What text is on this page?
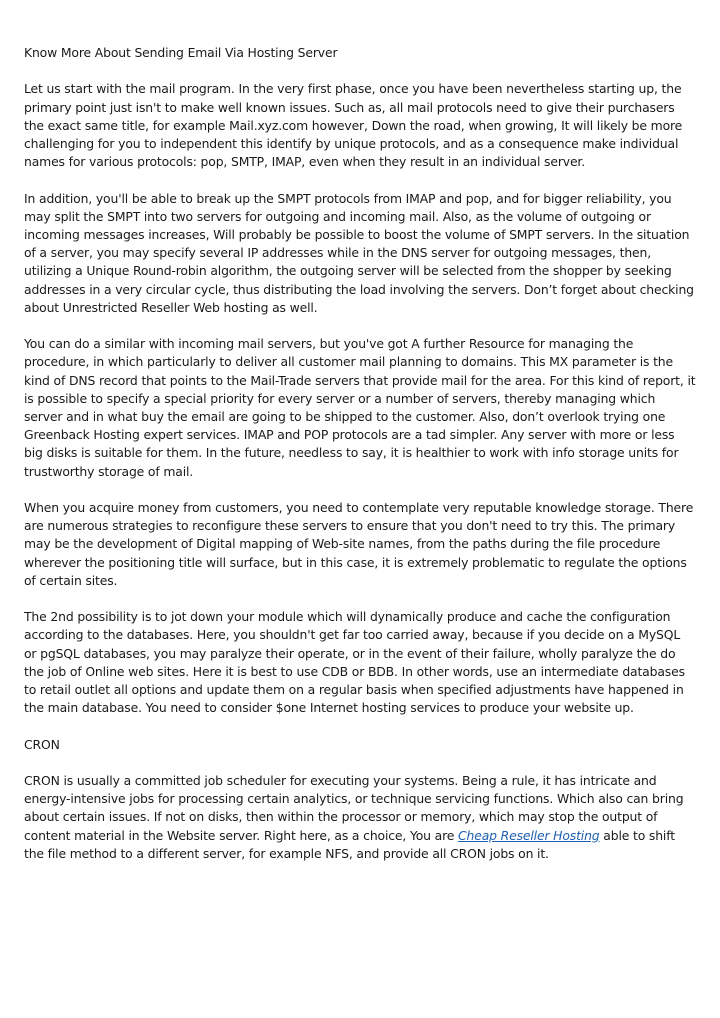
Know More About Sending Email Via Hosting Server

Let us start with the mail program. In the very first phase, once you have been nevertheless starting up, the primary point just isn't to make well known issues. Such as, all mail protocols need to give their purchasers the exact same title, for example Mail.xyz.com however, Down the road, when growing, It will likely be more challenging for you to independent this identify by unique protocols, and as a consequence make individual names for various protocols: pop, SMTP, IMAP, even when they result in an individual server.

In addition, you'll be able to break up the SMPT protocols from IMAP and pop, and for bigger reliability, you may split the SMPT into two servers for outgoing and incoming mail. Also, as the volume of outgoing or incoming messages increases, Will probably be possible to boost the volume of SMPT servers. In the situation of a server, you may specify several IP addresses while in the DNS server for outgoing messages, then, utilizing a Unique Round-robin algorithm, the outgoing server will be selected from the shopper by seeking addresses in a very circular cycle, thus distributing the load involving the servers. Don’t forget about checking about Unrestricted Reseller Web hosting as well.

You can do a similar with incoming mail servers, but you've got A further Resource for managing the procedure, in which particularly to deliver all customer mail planning to domains. This MX parameter is the kind of DNS record that points to the Mail-Trade servers that provide mail for the area. For this kind of report, it is possible to specify a special priority for every server or a number of servers, thereby managing which server and in what buy the email are going to be shipped to the customer. Also, don’t overlook trying one Greenback Hosting expert services. IMAP and POP protocols are a tad simpler. Any server with more or less big disks is suitable for them. In the future, needless to say, it is healthier to work with info storage units for trustworthy storage of mail.

When you acquire money from customers, you need to contemplate very reputable knowledge storage. There are numerous strategies to reconfigure these servers to ensure that you don't need to try this. The primary may be the development of Digital mapping of Web-site names, from the paths during the file procedure wherever the positioning title will surface, but in this case, it is extremely problematic to regulate the options of certain sites.

The 2nd possibility is to jot down your module which will dynamically produce and cache the configuration according to the databases. Here, you shouldn't get far too carried away, because if you decide on a MySQL or pgSQL databases, you may paralyze their operate, or in the event of their failure, wholly paralyze the do the job of Online web sites. Here it is best to use CDB or BDB. In other words, use an intermediate databases to retail outlet all options and update them on a regular basis when specified adjustments have happened in the main database. You need to consider $one Internet hosting services to produce your website up.

CRON

CRON is usually a committed job scheduler for executing your systems. Being a rule, it has intricate and energy-intensive jobs for processing certain analytics, or technique servicing functions. Which also can bring about certain issues. If not on disks, then within the processor or memory, which may stop the output of content material in the Website server. Right here, as a choice, You are Cheap Reseller Hosting able to shift the file method to a different server, for example NFS, and provide all CRON jobs on it.
